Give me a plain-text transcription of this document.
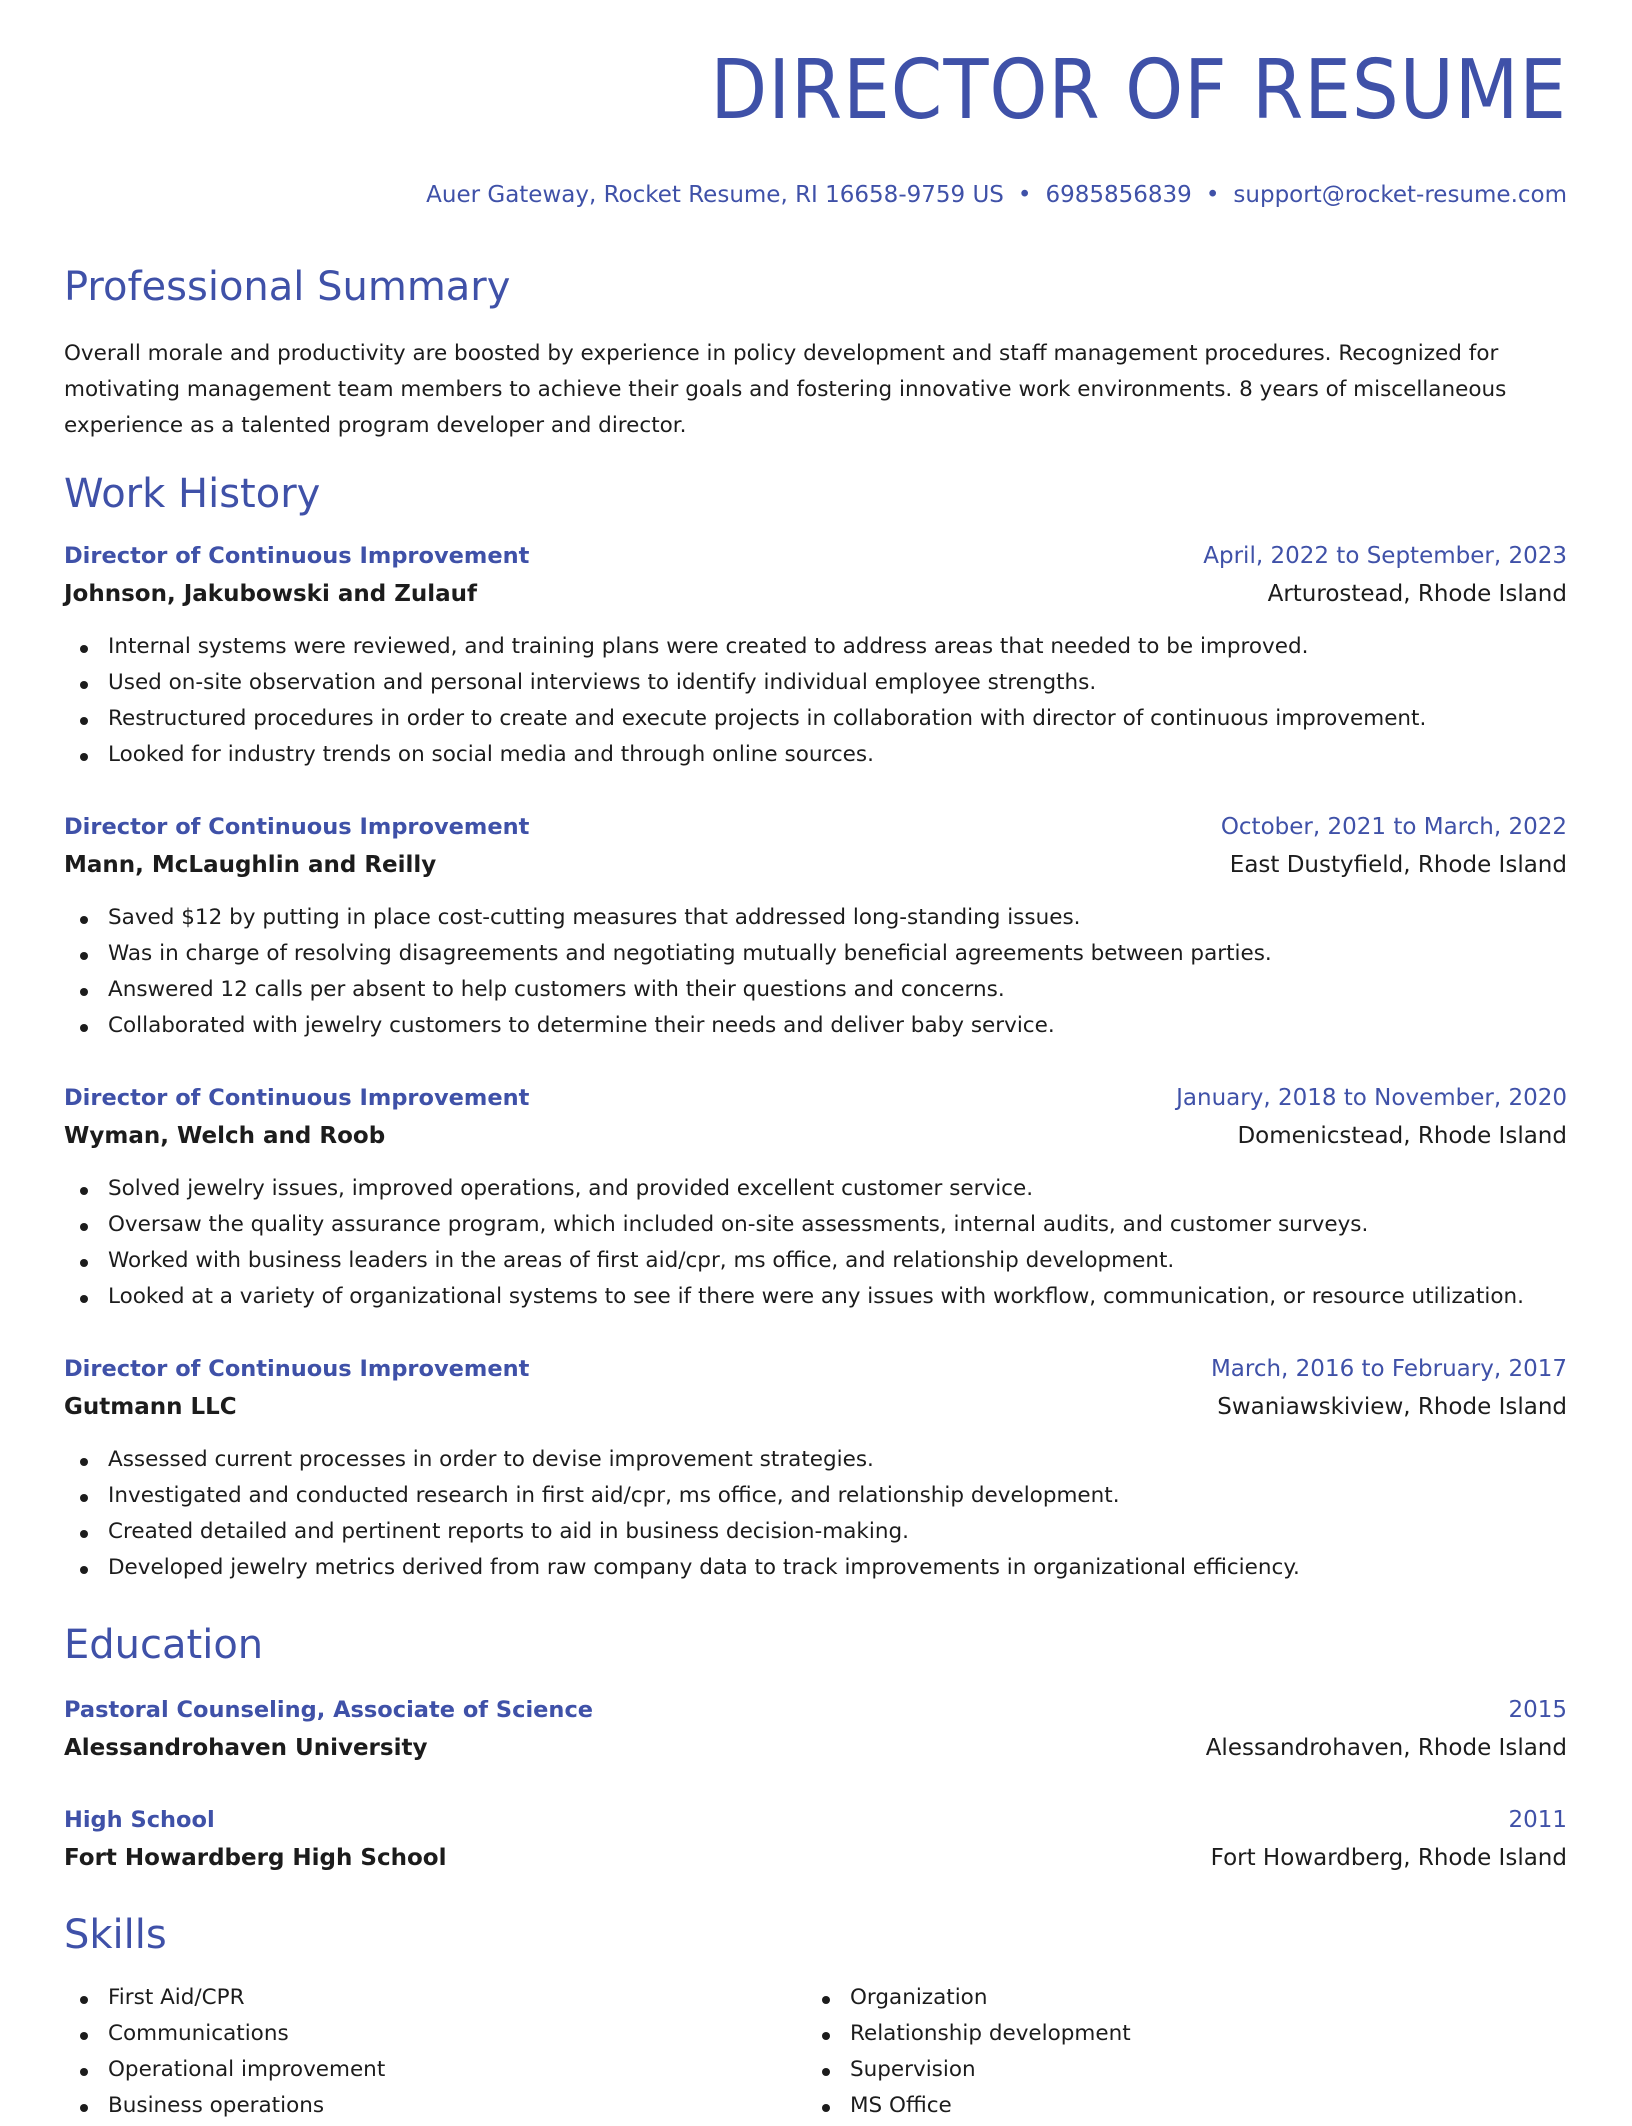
DIRECTOR OF RESUME
Auer Gateway, Rocket Resume, RI 16658-9759 US • 6985856839 • support@rocket-resume.com
Professional Summary
Overall morale and productivity are boosted by experience in policy development and staff management procedures. Recognized for motivating management team members to achieve their goals and fostering innovative work environments. 8 years of miscellaneous experience as a talented program developer and director.
Work History
Director of Continuous Improvement	April, 2022 to September, 2023
Johnson, Jakubowski and Zulauf	Arturostead, Rhode Island
Internal systems were reviewed, and training plans were created to address areas that needed to be improved.
Used on-site observation and personal interviews to identify individual employee strengths.
Restructured procedures in order to create and execute projects in collaboration with director of continuous improvement.
Looked for industry trends on social media and through online sources.
Director of Continuous Improvement	October, 2021 to March, 2022
Mann, McLaughlin and Reilly	East Dustyfield, Rhode Island
Saved $12 by putting in place cost-cutting measures that addressed long-standing issues.
Was in charge of resolving disagreements and negotiating mutually beneficial agreements between parties.
Answered 12 calls per absent to help customers with their questions and concerns.
Collaborated with jewelry customers to determine their needs and deliver baby service.
Director of Continuous Improvement	January, 2018 to November, 2020
Wyman, Welch and Roob	Domenicstead, Rhode Island
Solved jewelry issues, improved operations, and provided excellent customer service.
Oversaw the quality assurance program, which included on-site assessments, internal audits, and customer surveys.
Worked with business leaders in the areas of first aid/cpr, ms office, and relationship development.
Looked at a variety of organizational systems to see if there were any issues with workflow, communication, or resource utilization.
Director of Continuous Improvement	March, 2016 to February, 2017
Gutmann LLC	Swaniawskiview, Rhode Island
Assessed current processes in order to devise improvement strategies.
Investigated and conducted research in first aid/cpr, ms office, and relationship development.
Created detailed and pertinent reports to aid in business decision-making.
Developed jewelry metrics derived from raw company data to track improvements in organizational efficiency.
Education
Pastoral Counseling, Associate of Science	2015
Alessandrohaven University	Alessandrohaven, Rhode Island
High School	2011
Fort Howardberg High School	Fort Howardberg, Rhode Island
Skills
First Aid/CPR
Communications
Operational improvement
Business operations
Organization
Relationship development
Supervision
MS Office
